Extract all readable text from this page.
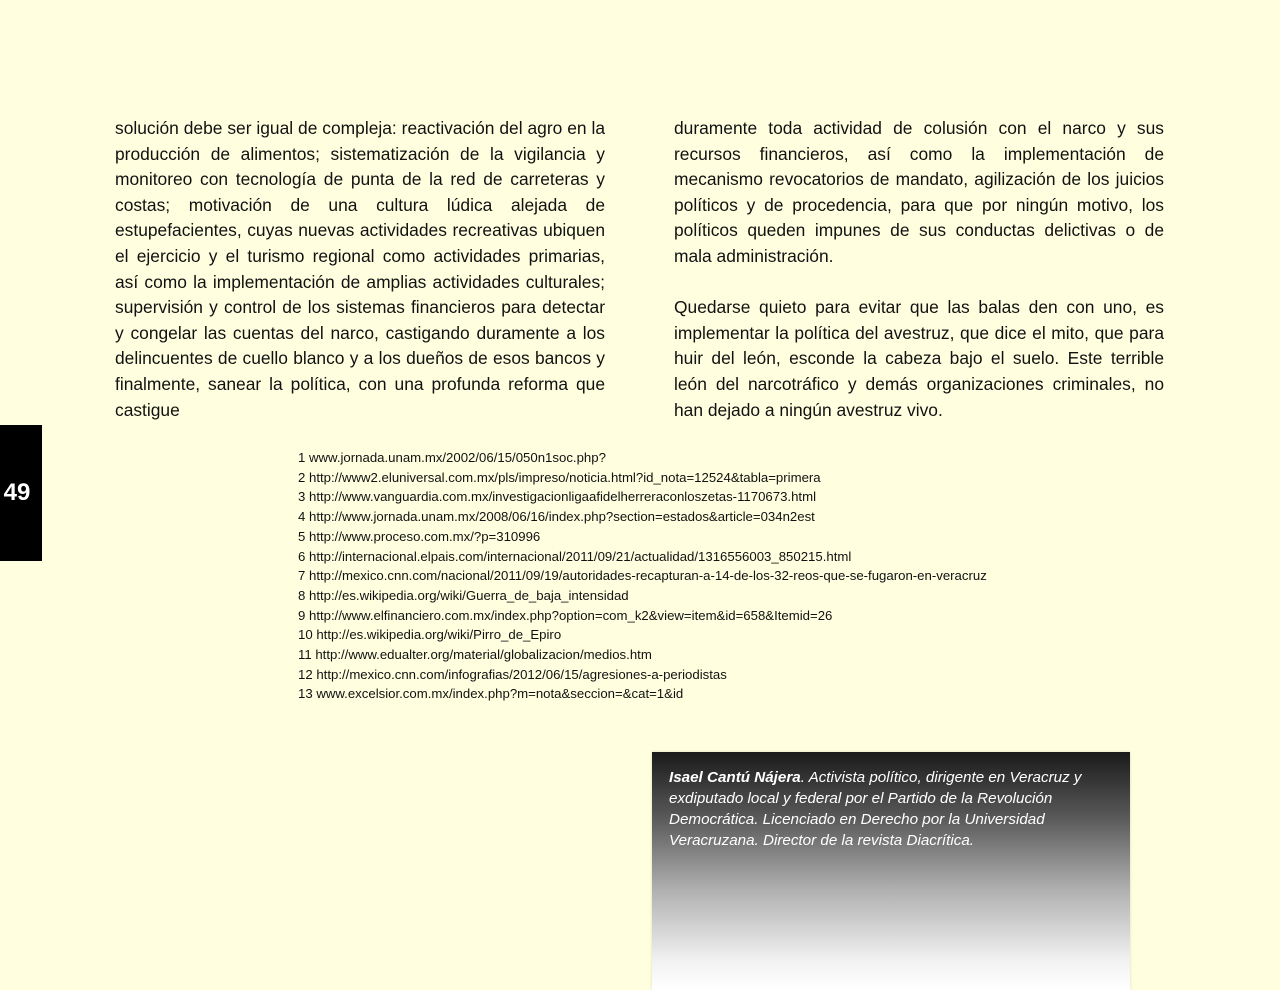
solución debe ser igual de compleja: reactivación del agro en la producción de alimentos; sistematización de la vigilancia y monitoreo con tecnología de punta de la red de carreteras y costas; motivación de una cultura lúdica alejada de estupefacientes, cuyas nuevas actividades recreativas ubiquen el ejercicio y el turismo regional como actividades primarias, así como la implementación de amplias actividades culturales; supervisión y control de los sistemas financieros para detectar y congelar las cuentas del narco, castigando duramente a los delincuentes de cuello blanco y a los dueños de esos bancos y finalmente, sanear la política, con una profunda reforma que castigue

duramente toda actividad de colusión con el narco y sus recursos financieros, así como la implementación de mecanismo revocatorios de mandato, agilización de los juicios políticos y de procedencia, para que por ningún motivo, los políticos queden impunes de sus conductas delictivas o de mala administración.

Quedarse quieto para evitar que las balas den con uno, es implementar la política del avestruz, que dice el mito, que para huir del león, esconde la cabeza bajo el suelo. Este terrible león del narcotráfico y demás organizaciones criminales, no han dejado a ningún avestruz vivo.

49
1 www.jornada.unam.mx/2002/06/15/050n1soc.php?
2 http://www2.eluniversal.com.mx/pls/impreso/noticia.html?id_nota=12524&tabla=primera
3 http://www.vanguardia.com.mx/investigacionligaafidelherreraconloszetas-1170673.html
4 http://www.jornada.unam.mx/2008/06/16/index.php?section=estados&article=034n2est
5 http://www.proceso.com.mx/?p=310996
6 http://internacional.elpais.com/internacional/2011/09/21/actualidad/1316556003_850215.html
7 http://mexico.cnn.com/nacional/2011/09/19/autoridades-recapturan-a-14-de-los-32-reos-que-se-fugaron-en-veracruz
8 http://es.wikipedia.org/wiki/Guerra_de_baja_intensidad
9 http://www.elfinanciero.com.mx/index.php?option=com_k2&view=item&id=658&Itemid=26
10 http://es.wikipedia.org/wiki/Pirro_de_Epiro
11 http://www.edualter.org/material/globalizacion/medios.htm
12 http://mexico.cnn.com/infografias/2012/06/15/agresiones-a-periodistas
13 www.excelsior.com.mx/index.php?m=nota&seccion=&cat=1&id

Isael Cantú Nájera. Activista político, dirigente en Veracruz y exdiputado local y federal por el Partido de la Revolución Democrática. Licenciado en Derecho por la Universidad Veracruzana. Director de la revista Diacrítica.
